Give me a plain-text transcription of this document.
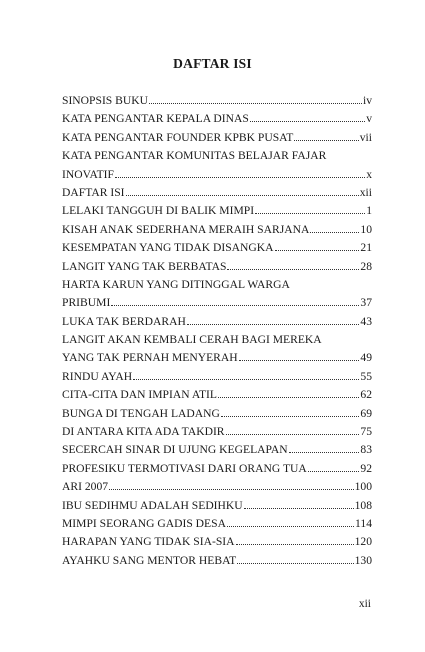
DAFTAR ISI
SINOPSIS BUKU	iv
KATA PENGANTAR KEPALA DINAS	v
KATA PENGANTAR FOUNDER KPBK PUSAT	vii
KATA PENGANTAR KOMUNITAS BELAJAR FAJAR
INOVATIF	x
DAFTAR ISI	xii
LELAKI TANGGUH DI BALIK MIMPI	1
KISAH ANAK SEDERHANA MERAIH SARJANA	10
KESEMPATAN YANG TIDAK DISANGKA	21
LANGIT YANG TAK BERBATAS	28
HARTA KARUN YANG DITINGGAL WARGA
PRIBUMI	37
LUKA TAK BERDARAH	43
LANGIT AKAN KEMBALI CERAH BAGI MEREKA
YANG TAK PERNAH MENYERAH	49
RINDU AYAH	55
CITA-CITA DAN IMPIAN ATIL	62
BUNGA DI TENGAH LADANG	69
DI ANTARA KITA ADA TAKDIR	75
SECERCAH SINAR DI UJUNG KEGELAPAN	83
PROFESIKU TERMOTIVASI DARI ORANG TUA	92
ARI 2007	100
IBU SEDIHMU ADALAH SEDIHKU	108
MIMPI SEORANG GADIS DESA	114
HARAPAN YANG TIDAK SIA-SIA	120
AYAHKU SANG MENTOR HEBAT	130
xii
